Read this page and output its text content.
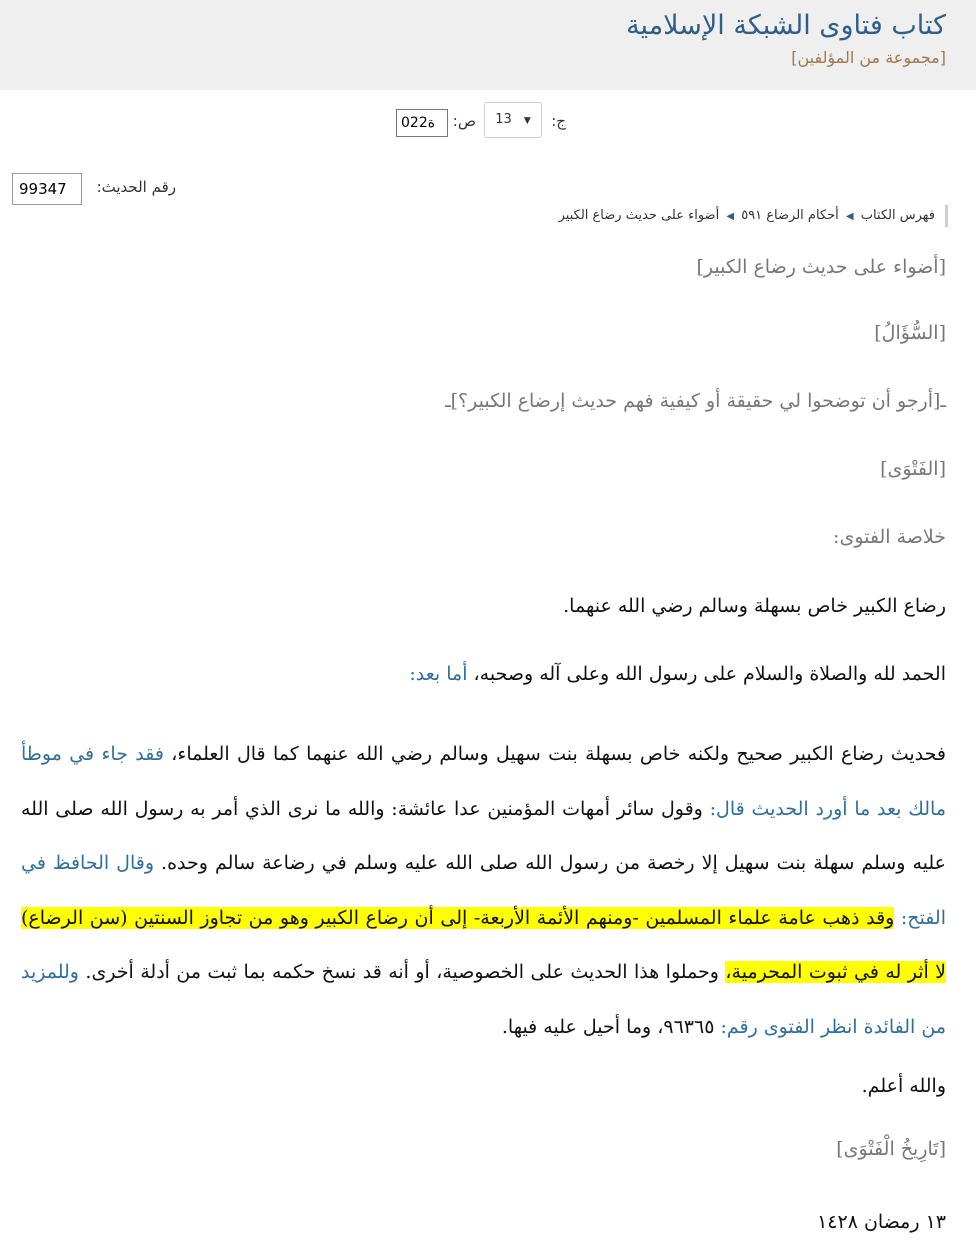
كتاب فتاوى الشبكة الإسلامية
[مجموعة من المؤلفين]
ج:
13 ▼
ص:
022ة
رقم الحديث:
99347
فهرس الكتاب ◀ أحكام الرضاع ٥٩١ ◀ أضواء على حديث رضاع الكبير
[أضواء على حديث رضاع الكبير]
[السُّؤَالُ]
ـ[أرجو أن توضحوا لي حقيقة أو كيفية فهم حديث إرضاع الكبير؟]ـ
[الفَتْوَى]
خلاصة الفتوى:
رضاع الكبير خاص بسهلة وسالم رضي الله عنهما.
الحمد لله والصلاة والسلام على رسول الله وعلى آله وصحبه، أما بعد:
فحديث رضاع الكبير صحيح ولكنه خاص بسهلة بنت سهيل وسالم رضي الله عنهما كما قال العلماء، فقد جاء في موطأ مالك بعد ما أورد الحديث قال: وقول سائر أمهات المؤمنين عدا عائشة: والله ما نرى الذي أمر به رسول الله صلى الله عليه وسلم سهلة بنت سهيل إلا رخصة من رسول الله صلى الله عليه وسلم في رضاعة سالم وحده. وقال الحافظ في الفتح: وقد ذهب عامة علماء المسلمين -ومنهم الأئمة الأربعة- إلى أن رضاع الكبير وهو من تجاوز السنتين (سن الرضاع) لا أثر له في ثبوت المحرمية، وحملوا هذا الحديث على الخصوصية، أو أنه قد نسخ حكمه بما ثبت من أدلة أخرى. وللمزيد من الفائدة انظر الفتوى رقم: ٩٦٣٦٥، وما أحيل عليه فيها.
والله أعلم.
[تَارِيخُ الْفَتْوَى]
١٣ رمضان ١٤٢٨
